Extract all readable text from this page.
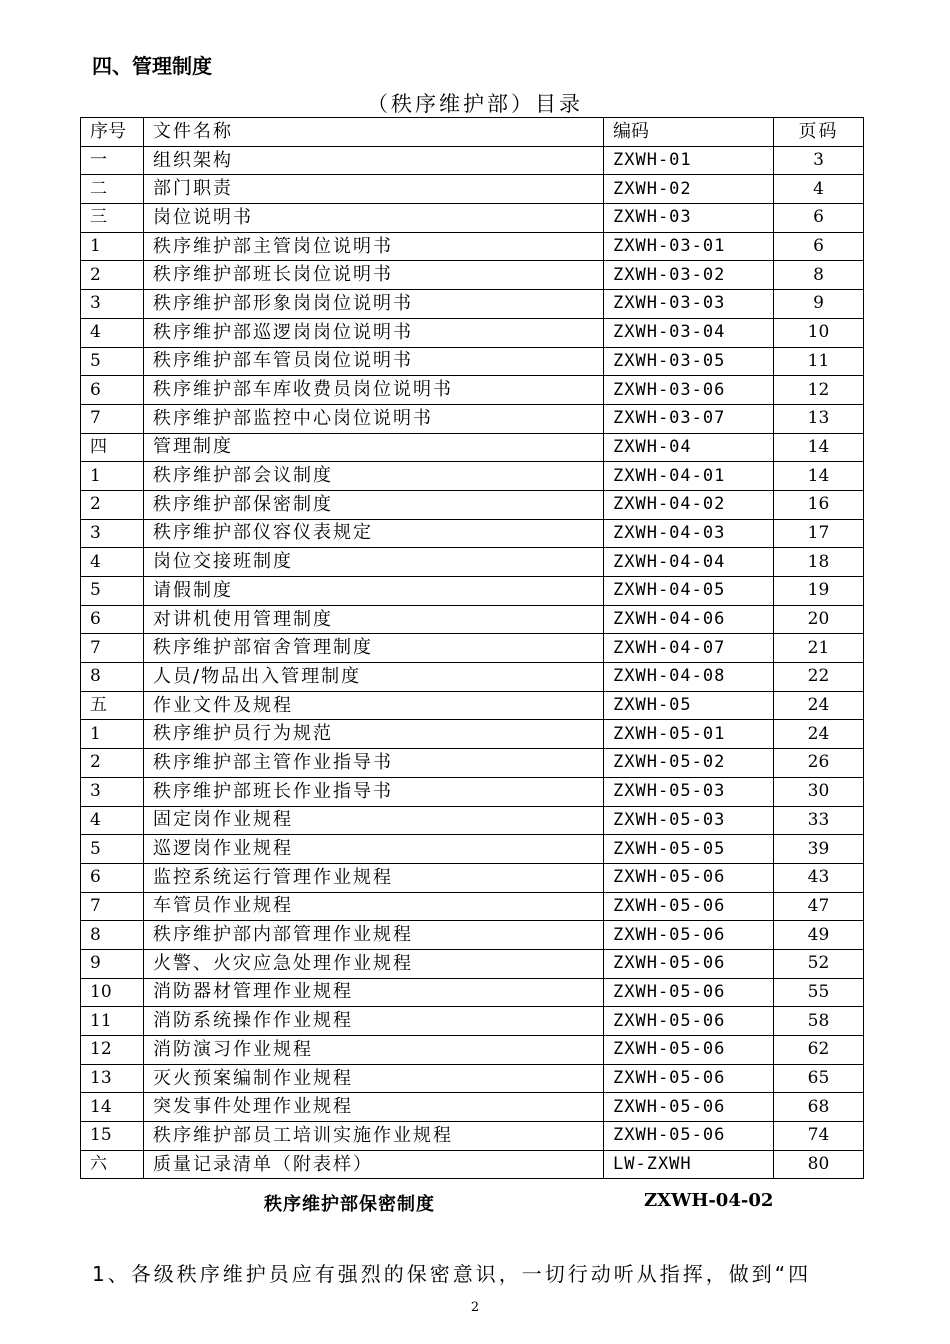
四、管理制度
（秩序维护部）目录
序号	文件名称	编码	页码
一	组织架构	ZXWH-01	3
二	部门职责	ZXWH-02	4
三	岗位说明书	ZXWH-03	6
1	秩序维护部主管岗位说明书	ZXWH-03-01	6
2	秩序维护部班长岗位说明书	ZXWH-03-02	8
3	秩序维护部形象岗岗位说明书	ZXWH-03-03	9
4	秩序维护部巡逻岗岗位说明书	ZXWH-03-04	10
5	秩序维护部车管员岗位说明书	ZXWH-03-05	11
6	秩序维护部车库收费员岗位说明书	ZXWH-03-06	12
7	秩序维护部监控中心岗位说明书	ZXWH-03-07	13
四	管理制度	ZXWH-04	14
1	秩序维护部会议制度	ZXWH-04-01	14
2	秩序维护部保密制度	ZXWH-04-02	16
3	秩序维护部仪容仪表规定	ZXWH-04-03	17
4	岗位交接班制度	ZXWH-04-04	18
5	请假制度	ZXWH-04-05	19
6	对讲机使用管理制度	ZXWH-04-06	20
7	秩序维护部宿舍管理制度	ZXWH-04-07	21
8	人员/物品出入管理制度	ZXWH-04-08	22
五	作业文件及规程	ZXWH-05	24
1	秩序维护员行为规范	ZXWH-05-01	24
2	秩序维护部主管作业指导书	ZXWH-05-02	26
3	秩序维护部班长作业指导书	ZXWH-05-03	30
4	固定岗作业规程	ZXWH-05-03	33
5	巡逻岗作业规程	ZXWH-05-05	39
6	监控系统运行管理作业规程	ZXWH-05-06	43
7	车管员作业规程	ZXWH-05-06	47
8	秩序维护部内部管理作业规程	ZXWH-05-06	49
9	火警、火灾应急处理作业规程	ZXWH-05-06	52
10	消防器材管理作业规程	ZXWH-05-06	55
11	消防系统操作作业规程	ZXWH-05-06	58
12	消防演习作业规程	ZXWH-05-06	62
13	灭火预案编制作业规程	ZXWH-05-06	65
14	突发事件处理作业规程	ZXWH-05-06	68
15	秩序维护部员工培训实施作业规程	ZXWH-05-06	74
六	质量记录清单（附表样）	LW-ZXWH	80
秩序维护部保密制度	ZXWH-04-02
1、各级秩序维护员应有强烈的保密意识，一切行动听从指挥，做到“四
2
